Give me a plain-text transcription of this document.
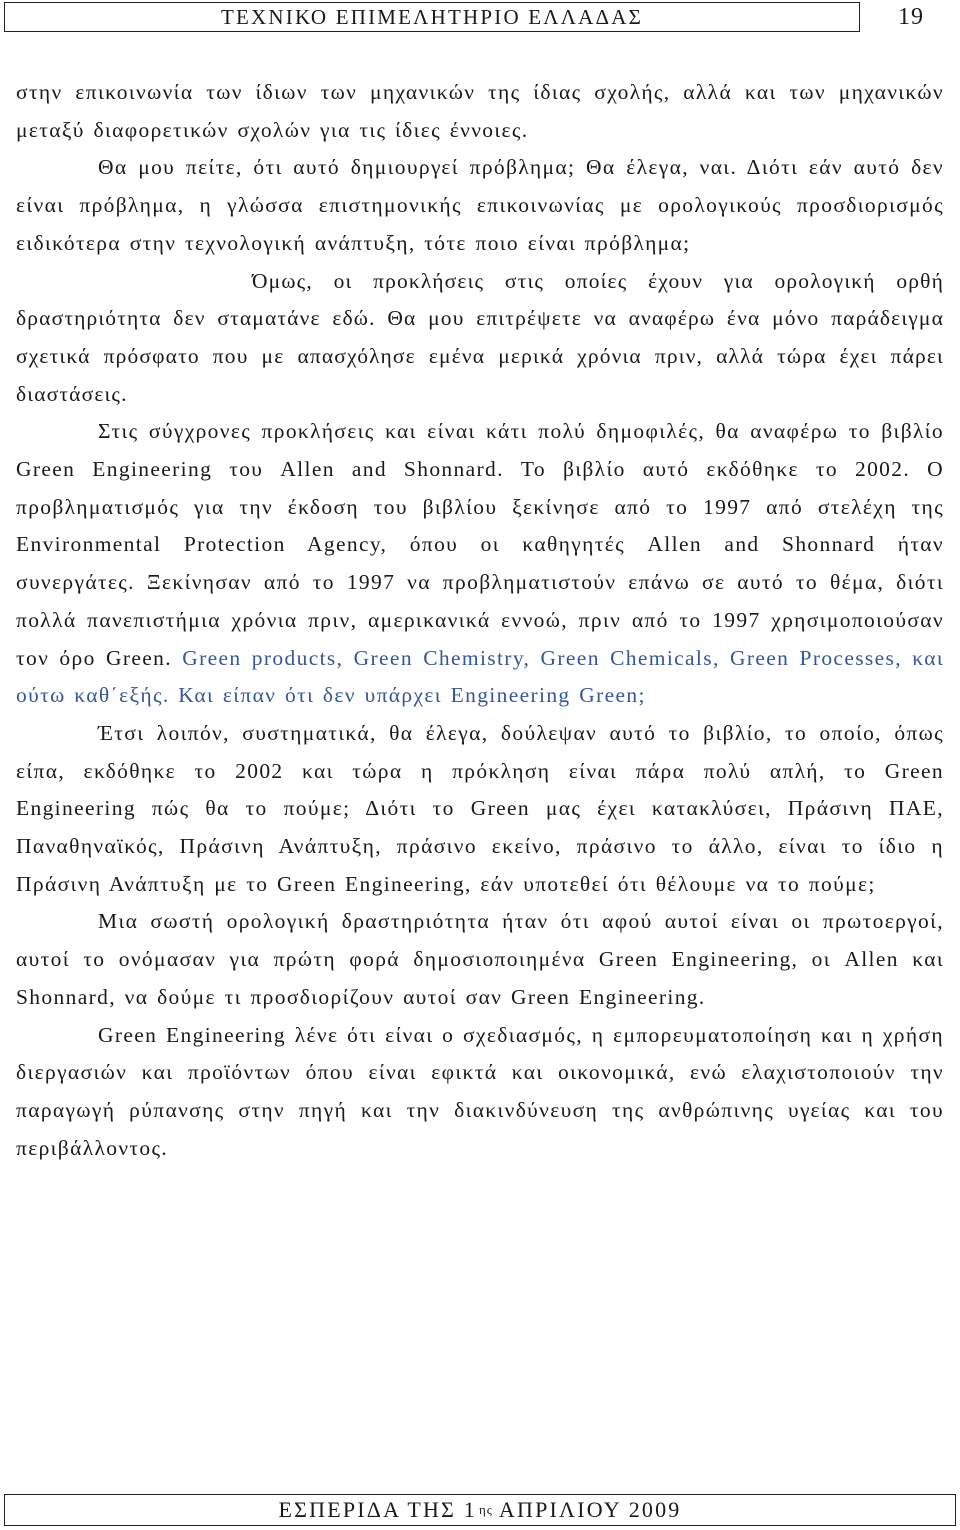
ΤΕΧΝΙΚΟ ΕΠΙΜΕΛΗΤΗΡΙΟ ΕΛΛΑΔΑΣ	19

στην επικοινωνία των ίδιων των μηχανικών της ίδιας σχολής, αλλά και των μηχανικών μεταξύ διαφορετικών σχολών για τις ίδιες έννοιες.

Θα μου πείτε, ότι αυτό δημιουργεί πρόβλημα; Θα έλεγα, ναι. Διότι εάν αυτό δεν είναι πρόβλημα, η γλώσσα επιστημονικής επικοινωνίας με ορολογικούς προσδιορισμός ειδικότερα στην τεχνολογική ανάπτυξη, τότε ποιο είναι πρόβλημα;

Όμως, οι προκλήσεις στις οποίες έχουν για ορολογική ορθή δραστηριότητα δεν σταματάνε εδώ. Θα μου επιτρέψετε να αναφέρω ένα μόνο παράδειγμα σχετικά πρόσφατο που με απασχόλησε εμένα μερικά χρόνια πριν, αλλά τώρα έχει πάρει διαστάσεις.

Στις σύγχρονες προκλήσεις και είναι κάτι πολύ δημοφιλές, θα αναφέρω το βιβλίο Green Engineering του Allen and Shonnard. Το βιβλίο αυτό εκδόθηκε το 2002. Ο προβληματισμός για την έκδοση του βιβλίου ξεκίνησε από το 1997 από στελέχη της Environmental Protection Agency, όπου οι καθηγητές Allen and Shonnard ήταν συνεργάτες. Ξεκίνησαν από το 1997 να προβληματιστούν επάνω σε αυτό το θέμα, διότι πολλά πανεπιστήμια χρόνια πριν, αμερικανικά εννοώ, πριν από το 1997 χρησιμοποιούσαν τον όρο Green. Green products, Green Chemistry, Green Chemicals, Green Processes, και ούτω καθ΄εξής. Και είπαν ότι δεν υπάρχει Engineering Green;

Έτσι λοιπόν, συστηματικά, θα έλεγα, δούλεψαν αυτό το βιβλίο, το οποίο, όπως είπα, εκδόθηκε το 2002 και τώρα η πρόκληση είναι πάρα πολύ απλή, το Green Engineering πώς θα το πούμε; Διότι το Green μας έχει κατακλύσει, Πράσινη ΠΑΕ, Παναθηναϊκός, Πράσινη Ανάπτυξη, πράσινο εκείνο, πράσινο το άλλο, είναι το ίδιο η Πράσινη Ανάπτυξη με το Green Engineering, εάν υποτεθεί ότι θέλουμε να το πούμε;

Μια σωστή ορολογική δραστηριότητα ήταν ότι αφού αυτοί είναι οι πρωτοεργοί, αυτοί το ονόμασαν για πρώτη φορά δημοσιοποιημένα Green Engineering, οι Allen και Shonnard, να δούμε τι προσδιορίζουν αυτοί σαν Green Engineering.

Green Engineering λένε ότι είναι ο σχεδιασμός, η εμπορευματοποίηση και η χρήση διεργασιών και προϊόντων όπου είναι εφικτά και οικονομικά, ενώ ελαχιστοποιούν την παραγωγή ρύπανσης στην πηγή και την διακινδύνευση της ανθρώπινης υγείας και του περιβάλλοντος.

ΕΣΠΕΡΙΔΑ ΤΗΣ 1 ης ΑΠΡΙΛΙΟΥ 2009
